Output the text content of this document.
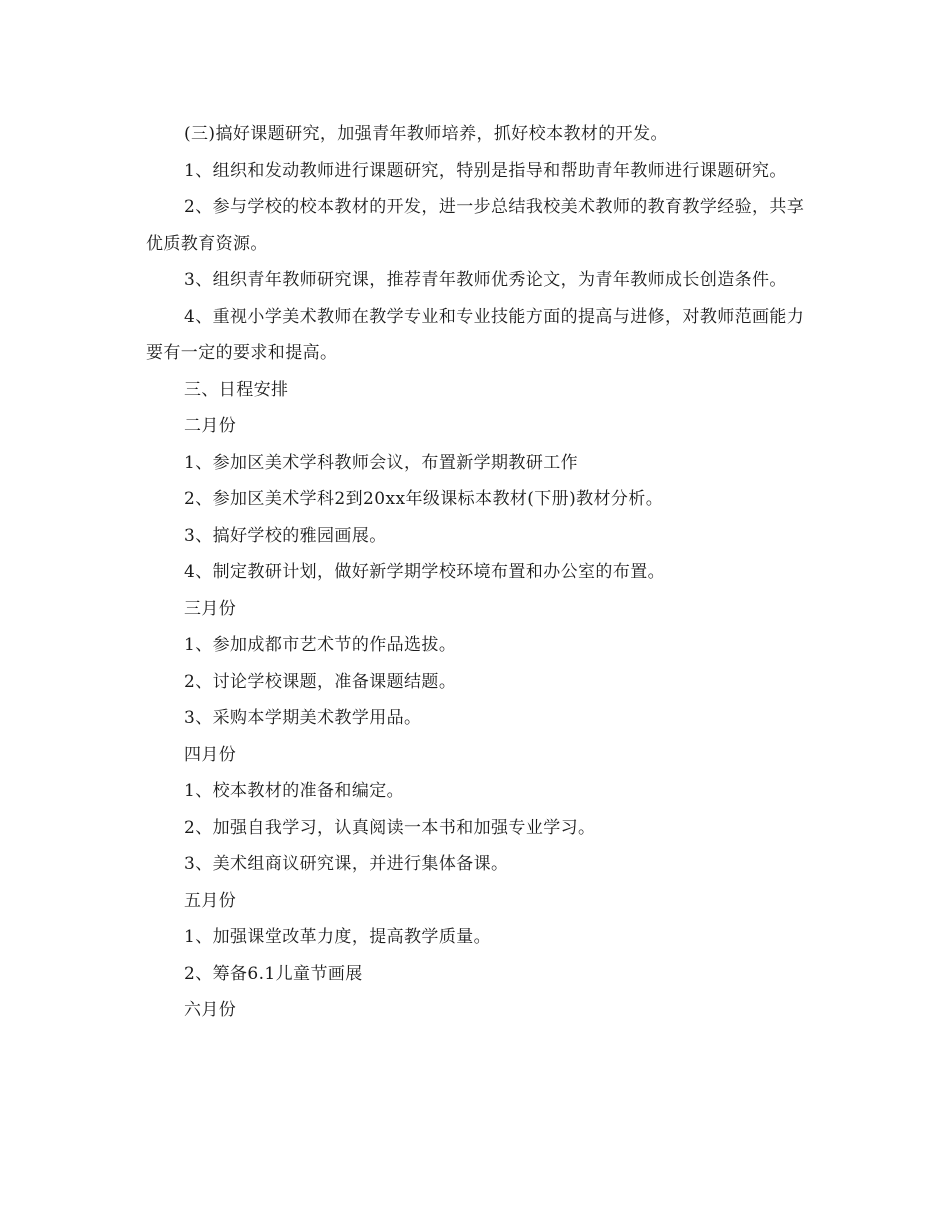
(三)搞好课题研究，加强青年教师培养，抓好校本教材的开发。

1、组织和发动教师进行课题研究，特别是指导和帮助青年教师进行课题研究。

2、参与学校的校本教材的开发，进一步总结我校美术教师的教育教学经验，共享优质教育资源。

3、组织青年教师研究课，推荐青年教师优秀论文，为青年教师成长创造条件。

4、重视小学美术教师在教学专业和专业技能方面的提高与进修，对教师范画能力要有一定的要求和提高。

三、日程安排

二月份

1、参加区美术学科教师会议，布置新学期教研工作

2、参加区美术学科2到20xx年级课标本教材(下册)教材分析。

3、搞好学校的雅园画展。

4、制定教研计划，做好新学期学校环境布置和办公室的布置。

三月份

1、参加成都市艺术节的作品选拔。

2、讨论学校课题，准备课题结题。

3、采购本学期美术教学用品。

四月份

1、校本教材的准备和编定。

2、加强自我学习，认真阅读一本书和加强专业学习。

3、美术组商议研究课，并进行集体备课。

五月份

1、加强课堂改革力度，提高教学质量。

2、筹备6.1儿童节画展

六月份
